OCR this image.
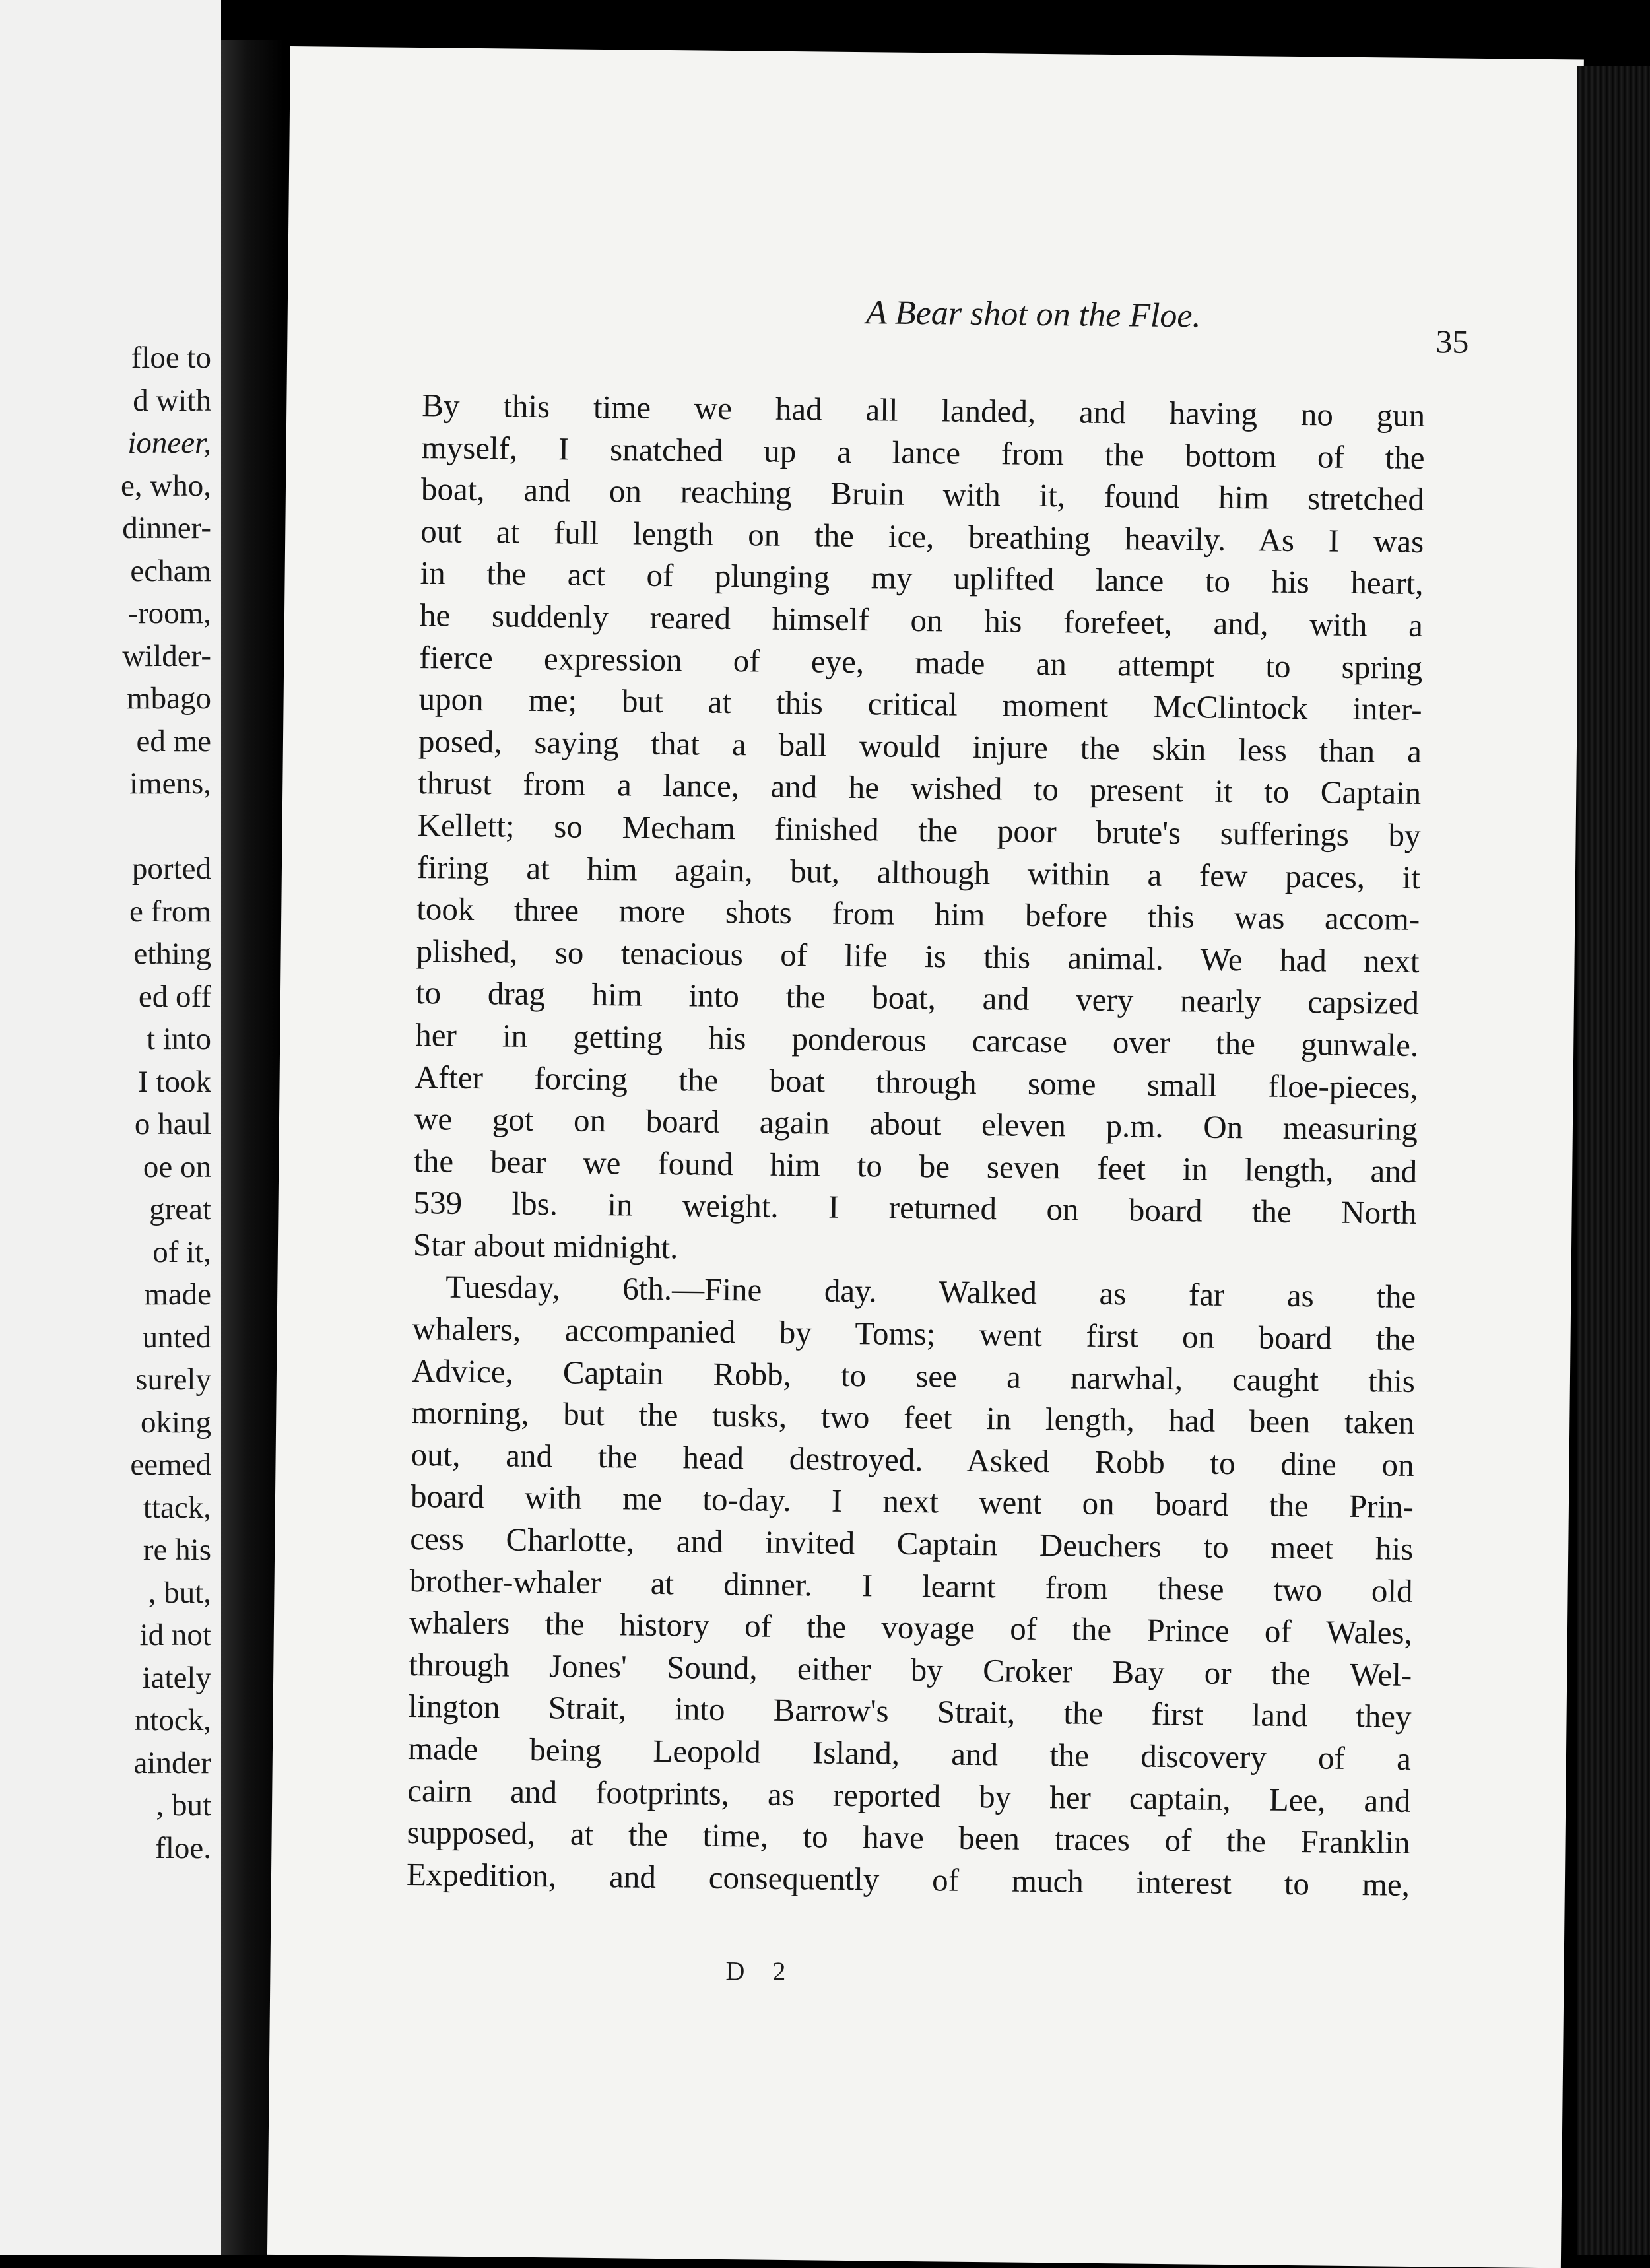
floe to
d with
ioneer,
e, who,
dinner-
echam
-room,
wilder-
mbago
ed me
imens,
ported
e from
ething
ed off
t into
I took
o haul
oe on
great
of it,
made
unted
surely
oking
eemed
ttack,
re his
, but,
id not
iately
ntock,
ainder
, but
floe.
A Bear shot on the Floe.
35
By this time we had all landed, and having no gun
myself, I snatched up a lance from the bottom of the
boat, and on reaching Bruin with it, found him stretched
out at full length on the ice, breathing heavily. As I was
in the act of plunging my uplifted lance to his heart,
he suddenly reared himself on his forefeet, and, with a
fierce expression of eye, made an attempt to spring
upon me; but at this critical moment McClintock inter-
posed, saying that a ball would injure the skin less than a
thrust from a lance, and he wished to present it to Captain
Kellett; so Mecham finished the poor brute's sufferings by
firing at him again, but, although within a few paces, it
took three more shots from him before this was accom-
plished, so tenacious of life is this animal. We had next
to drag him into the boat, and very nearly capsized
her in getting his ponderous carcase over the gunwale.
After forcing the boat through some small floe-pieces,
we got on board again about eleven p.m. On measuring
the bear we found him to be seven feet in length, and
539 lbs. in weight. I returned on board the North
Star about midnight.
Tuesday, 6th.—Fine day. Walked as far as the
whalers, accompanied by Toms; went first on board the
Advice, Captain Robb, to see a narwhal, caught this
morning, but the tusks, two feet in length, had been taken
out, and the head destroyed. Asked Robb to dine on
board with me to-day. I next went on board the Prin-
cess Charlotte, and invited Captain Deuchers to meet his
brother-whaler at dinner. I learnt from these two old
whalers the history of the voyage of the Prince of Wales,
through Jones' Sound, either by Croker Bay or the Wel-
lington Strait, into Barrow's Strait, the first land they
made being Leopold Island, and the discovery of a
cairn and footprints, as reported by her captain, Lee, and
supposed, at the time, to have been traces of the Franklin
Expedition, and consequently of much interest to me,
D 2
